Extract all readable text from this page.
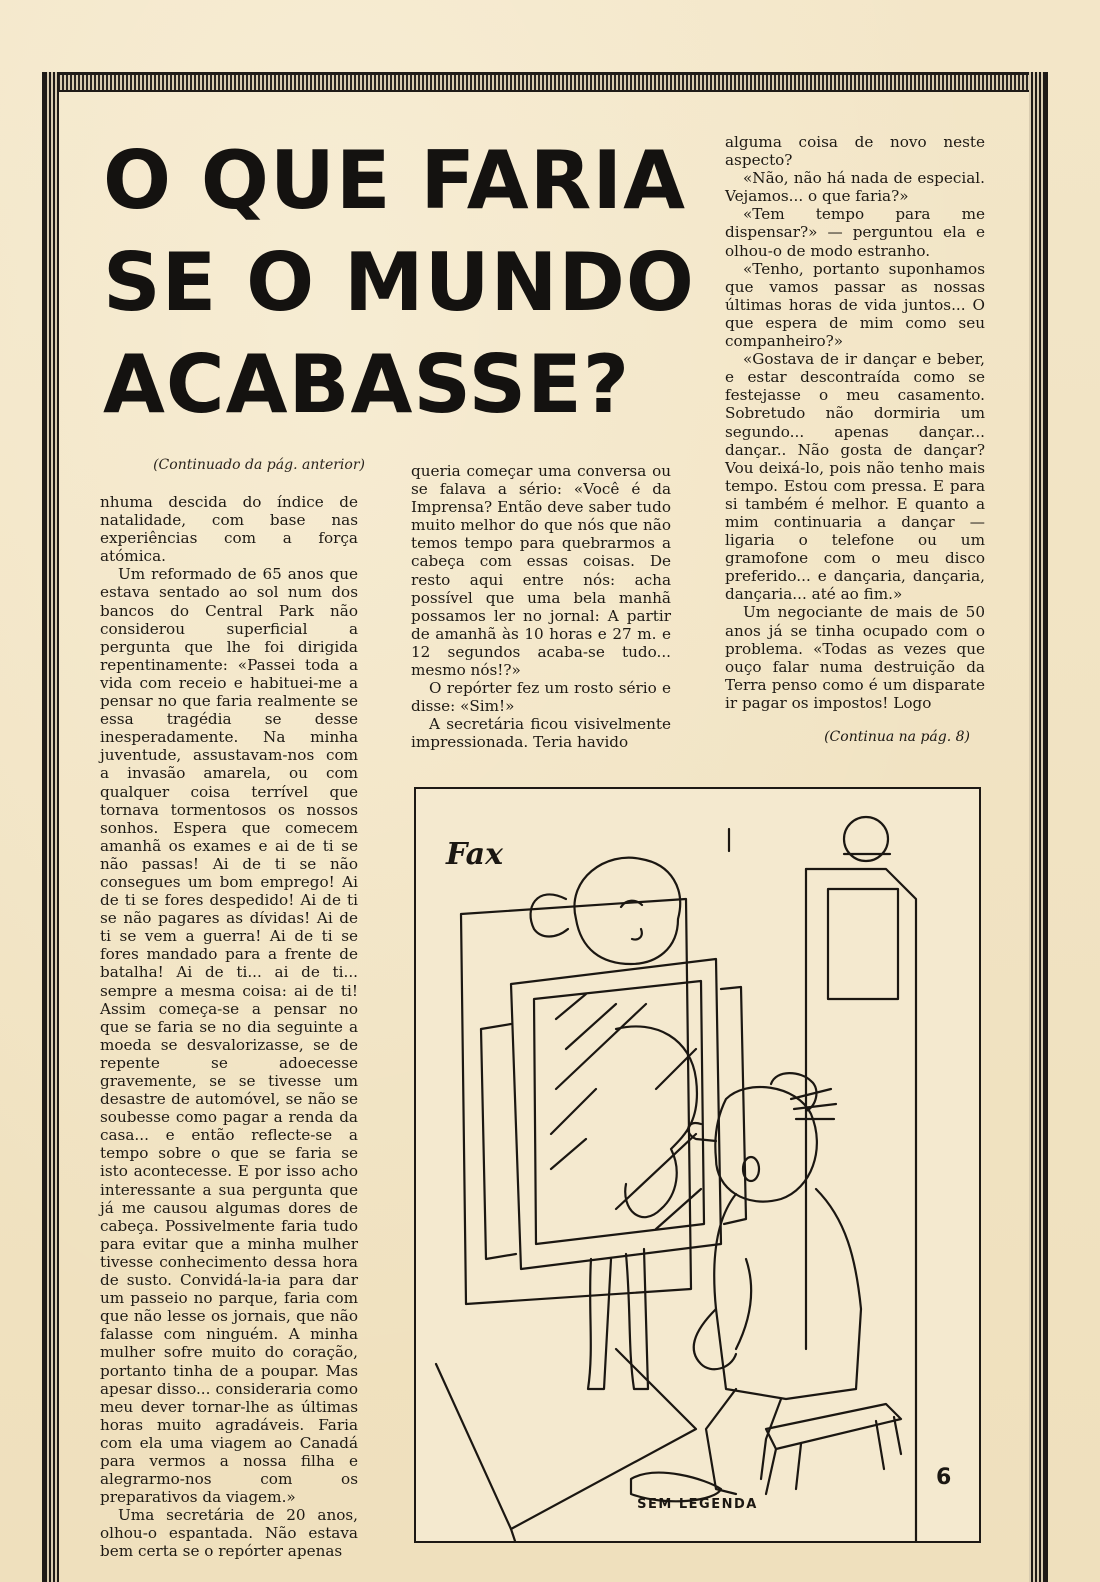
O QUE FARIA
SE O MUNDO
ACABASSE?
(Continuado da pág. anterior)

nhuma descida do índice de natalidade, com base nas experiências com a força atómica.

Um reformado de 65 anos que estava sentado ao sol num dos bancos do Central Park não considerou superficial a pergunta que lhe foi dirigida repentinamente: «Passei toda a vida com receio e habituei-me a pensar no que faria realmente se essa tragédia se desse inesperadamente. Na minha juventude, assustavam-nos com a invasão amarela, ou com qualquer coisa terrível que tornava tormentosos os nossos sonhos. Espera que comecem amanhã os exames e ai de ti se não passas! Ai de ti se não consegues um bom emprego! Ai de ti se fores despedido! Ai de ti se não pagares as dívidas! Ai de ti se vem a guerra! Ai de ti se fores mandado para a frente de batalha! Ai de ti... ai de ti... sempre a mesma coisa: ai de ti! Assim começa-se a pensar no que se faria se no dia seguinte a moeda se desvalorizasse, se de repente se adoecesse gravemente, se se tivesse um desastre de automóvel, se não se soubesse como pagar a renda da casa... e então reflecte-se a tempo sobre o que se faria se isto acontecesse. E por isso acho interessante a sua pergunta que já me causou algumas dores de cabeça. Possivelmente faria tudo para evitar que a minha mulher tivesse conhecimento dessa hora de susto. Convidá-la-ia para dar um passeio no parque, faria com que não lesse os jornais, que não falasse com ninguém. A minha mulher sofre muito do coração, portanto tinha de a poupar. Mas apesar disso... consideraria como meu dever tornar-lhe as últimas horas muito agradáveis. Faria com ela uma viagem ao Canadá para vermos a nossa filha e alegrarmo-nos com os preparativos da viagem.»

Uma secretária de 20 anos, olhou-o espantada. Não estava bem certa se o repórter apenas

queria começar uma conversa ou se falava a sério: «Você é da Imprensa? Então deve saber tudo muito melhor do que nós que não temos tempo para quebrarmos a cabeça com essas coisas. De resto aqui entre nós: acha possível que uma bela manhã possamos ler no jornal: A partir de amanhã às 10 horas e 27 m. e 12 segundos acaba-se tudo... mesmo nós!?»

O repórter fez um rosto sério e disse: «Sim!»

A secretária ficou visivelmente impressionada. Teria havido

alguma coisa de novo neste aspecto?

«Não, não há nada de especial. Vejamos... o que faria?»

«Tem tempo para me dispensar?» — perguntou ela e olhou-o de modo estranho.

«Tenho, portanto suponhamos que vamos passar as nossas últimas horas de vida juntos... O que espera de mim como seu companheiro?»

«Gostava de ir dançar e beber, e estar descontraída como se festejasse o meu casamento. Sobretudo não dormiria um segundo... apenas dançar... dançar.. Não gosta de dançar? Vou deixá-lo, pois não tenho mais tempo. Estou com pressa. E para si também é melhor. E quanto a mim continuaria a dançar — ligaria o telefone ou um gramofone com o meu disco preferido... e dançaria, dançaria, dançaria... até ao fim.»

Um negociante de mais de 50 anos já se tinha ocupado com o problema. «Todas as vezes que ouço falar numa destruição da Terra penso como é um disparate ir pagar os impostos! Logo

(Continua na pág. 8)
Fax
6
SEM LEGENDA
